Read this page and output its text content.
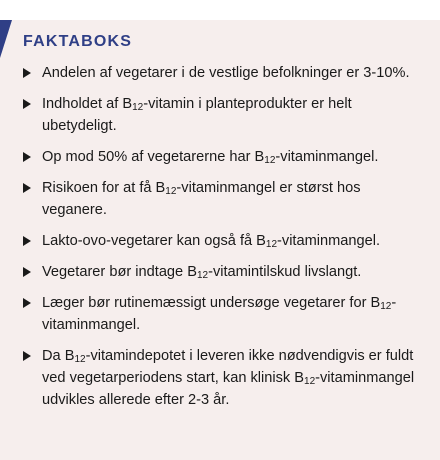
FAKTABOKS
Andelen af vegetarer i de vestlige befolkninger er 3-10%.
Indholdet af $B_{12}$-vitamin i planteprodukter er helt ubetydeligt.
Op mod 50% af vegetarerne har $B_{12}$-vitaminmangel.
Risikoen for at få $B_{12}$-vitaminmangel er størst hos veganere.
Lakto-ovo-vegetarer kan også få $B_{12}$-vitaminmangel.
Vegetarer bør indtage $B_{12}$-vitamintilskud livslangt.
Læger bør rutinemæssigt undersøge vegetarer for $B_{12}$-vitaminmangel.
Da $B_{12}$-vitamindepotet i leveren ikke nødvendigvis er fuldt ved vegetarperiodens start, kan klinisk $B_{12}$-vitaminmangel udvikles allerede efter 2-3 år.
